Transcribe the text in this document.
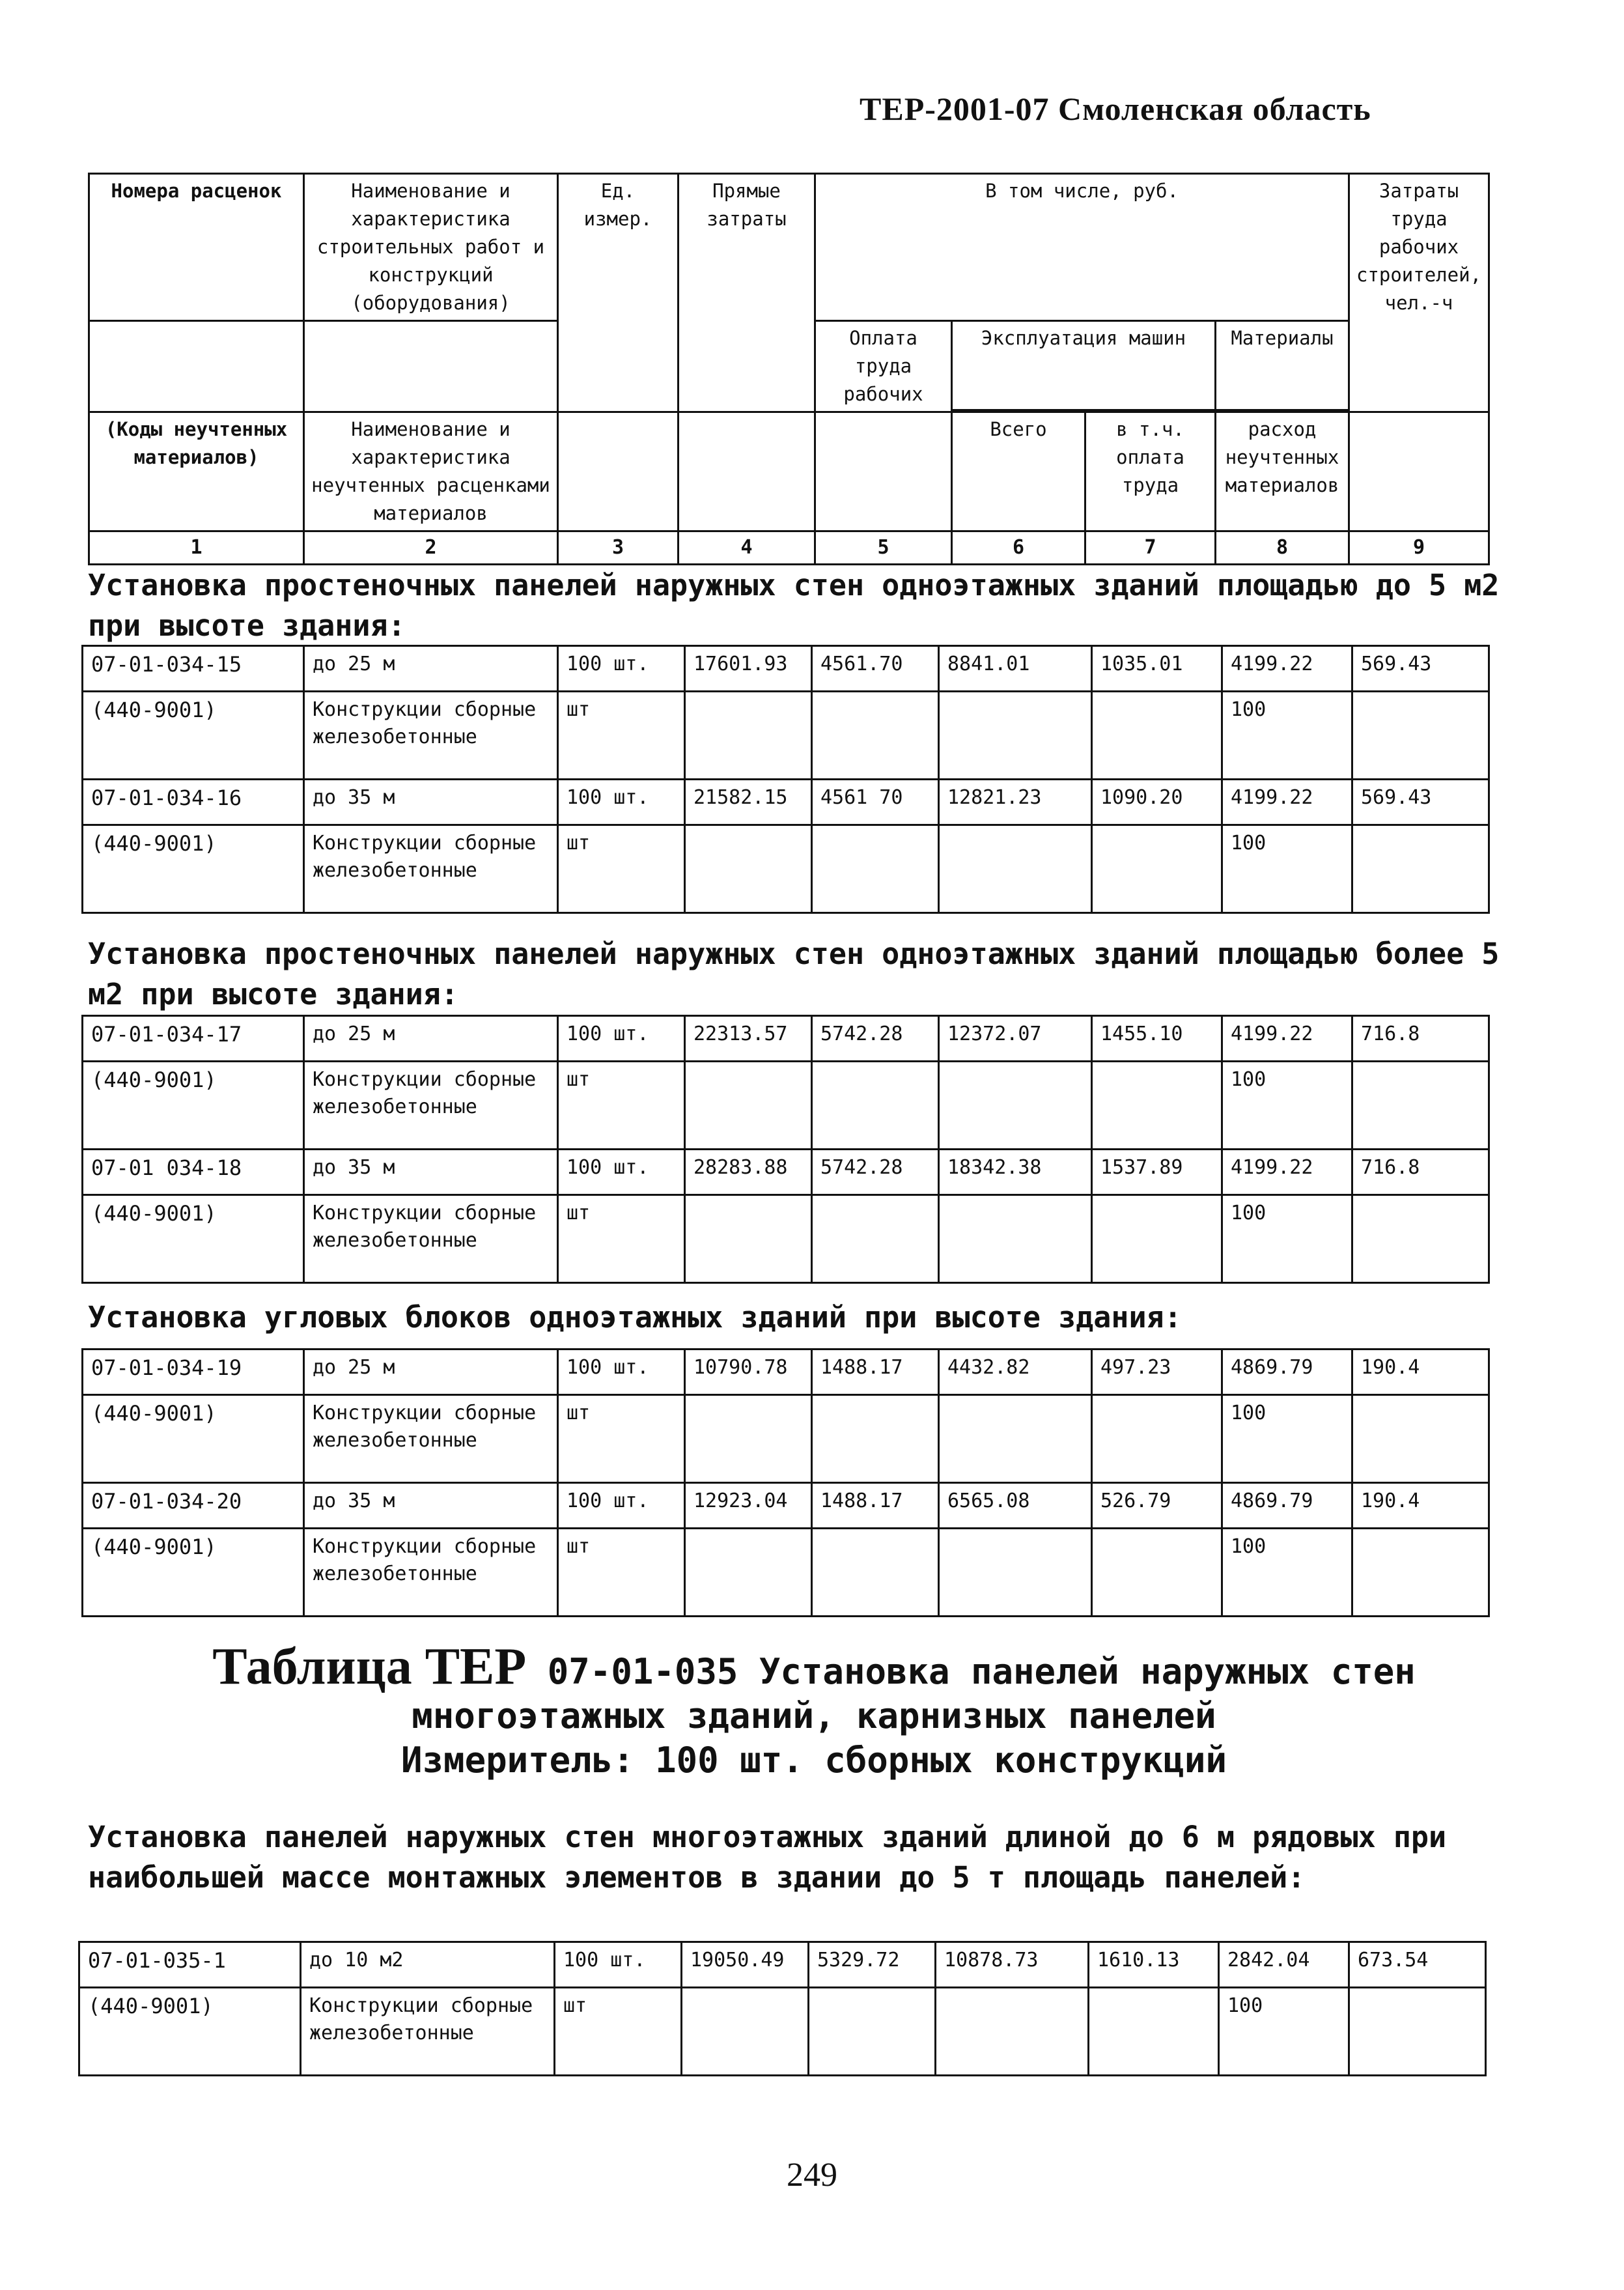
ТЕР-2001-07 Смоленская область
Номера расценок	Наименование и характеристика строительных работ и конструкций (оборудования)	Ед. измер.	Прямые затраты	В том числе, руб.				Затраты труда рабочих строителей, чел.-ч
				Оплата труда рабочих	Эксплуатация машин		Материалы	

(Коды неучтенных материалов)	Наименование и характеристика неучтенных расценками материалов				Всего	в т.ч. оплата труда	расход неучтенных материалов	
1	2	3	4	5	6	7	8	9

Установка простеночных панелей наружных стен одноэтажных зданий площадью до 5 м2 при высоте здания:

07-01-034-15	до 25 м	100 шт.	17601.93	4561.70	8841.01	1035.01	4199.22	569.43
(440-9001)	Конструкции сборные железобетонные	шт					100	
07-01-034-16	до 35 м	100 шт.	21582.15	4561 70	12821.23	1090.20	4199.22	569.43
(440-9001)	Конструкции сборные железобетонные	шт					100	

Установка простеночных панелей наружных стен одноэтажных зданий площадью более 5 м2 при высоте здания:

07-01-034-17	до 25 м	100 шт.	22313.57	5742.28	12372.07	1455.10	4199.22	716.8
(440-9001)	Конструкции сборные железобетонные	шт					100	
07-01 034-18	до 35 м	100 шт.	28283.88	5742.28	18342.38	1537.89	4199.22	716.8
(440-9001)	Конструкции сборные железобетонные	шт					100	

Установка угловых блоков одноэтажных зданий при высоте здания:

07-01-034-19	до 25 м	100 шт.	10790.78	1488.17	4432.82	497.23	4869.79	190.4
(440-9001)	Конструкции сборные железобетонные	шт					100	
07-01-034-20	до 35 м	100 шт.	12923.04	1488.17	6565.08	526.79	4869.79	190.4
(440-9001)	Конструкции сборные железобетонные	шт					100	
Таблица ТЕР 07-01-035 Установка панелей наружных стен
многоэтажных зданий, карнизных панелей
Измеритель: 100 шт. сборных конструкций

Установка панелей наружных стен многоэтажных зданий длиной до 6 м рядовых при наибольшей массе монтажных элементов в здании до 5 т площадь панелей:

07-01-035-1	до 10 м2	100 шт.	19050.49	5329.72	10878.73	1610.13	2842.04	673.54
(440-9001)	Конструкции сборные железобетонные	шт					100	
249
